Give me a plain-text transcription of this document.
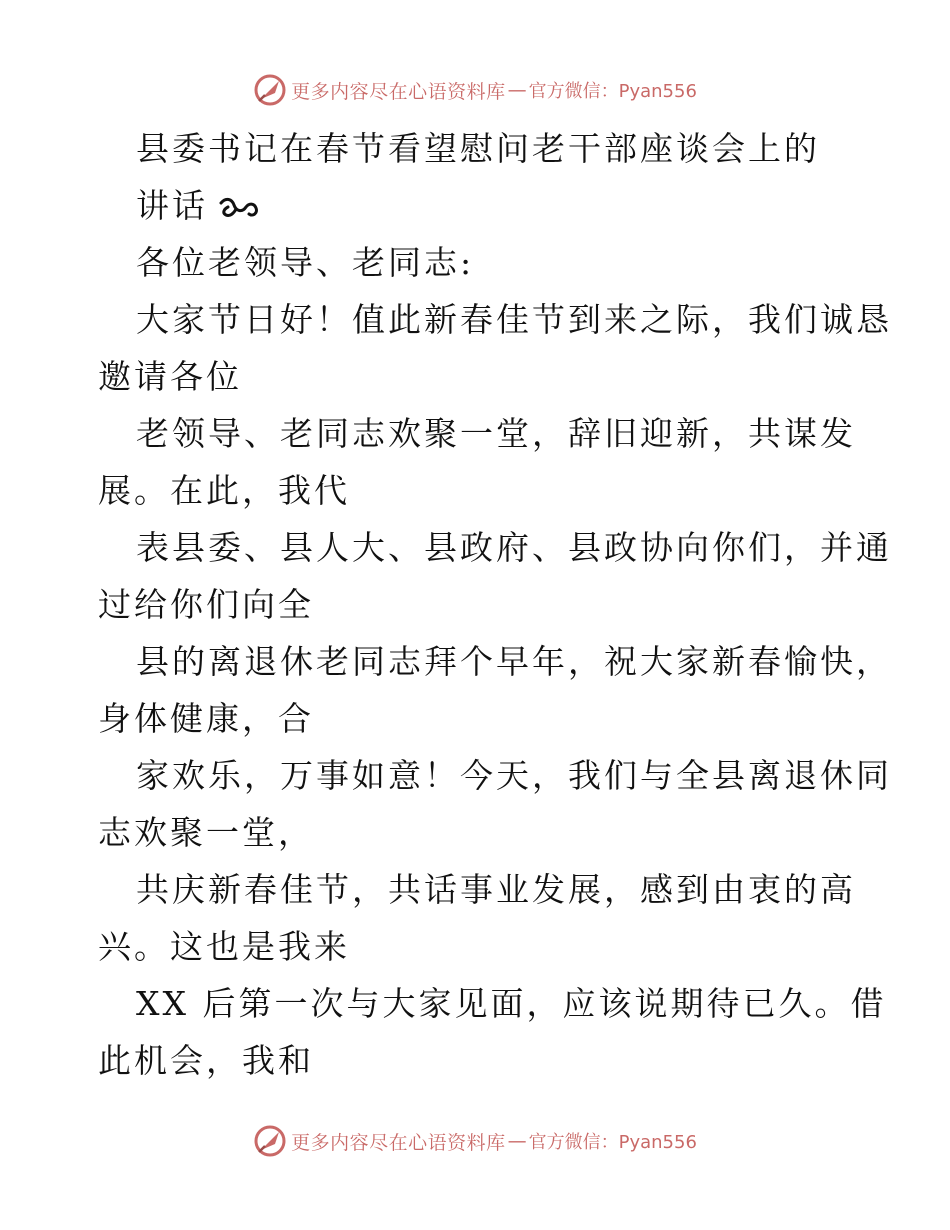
更多内容尽在心语资料库 — 官方微信：Pyan556
县委书记在春节看望慰问老干部座谈会上的
讲话
各位老领导、老同志:
大家节日好！值此新春佳节到来之际，我们诚恳
邀请各位
老领导、老同志欢聚一堂，辞旧迎新，共谋发
展。在此，我代
表县委、县人大、县政府、县政协向你们，并通
过给你们向全
县的离退休老同志拜个早年，祝大家新春愉快，
身体健康，合
家欢乐，万事如意！今天，我们与全县离退休同
志欢聚一堂，
共庆新春佳节，共话事业发展，感到由衷的高
兴。这也是我来
XX 后第一次与大家见面，应该说期待已久。借
此机会，我和
更多内容尽在心语资料库 — 官方微信：Pyan556
